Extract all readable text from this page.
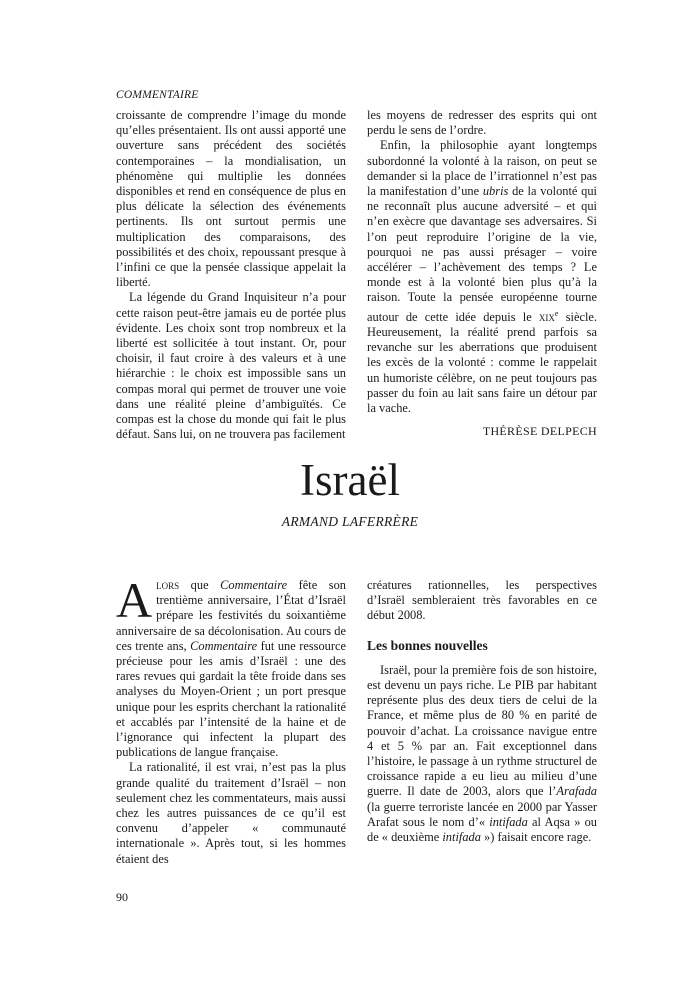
COMMENTAIRE

croissante de comprendre l’image du monde qu’elles présentaient. Ils ont aussi apporté une ouverture sans précédent des sociétés contemporaines – la mondialisation, un phénomène qui multiplie les données disponibles et rend en conséquence de plus en plus délicate la sélection des événements pertinents. Ils ont surtout permis une multiplication des comparaisons, des possibilités et des choix, repoussant presque à l’infini ce que la pensée classique appelait la liberté.

La légende du Grand Inquisiteur n’a pour cette raison peut-être jamais eu de portée plus évidente. Les choix sont trop nombreux et la liberté est sollicitée à tout instant. Or, pour choisir, il faut croire à des valeurs et à une hiérarchie : le choix est impossible sans un compas moral qui permet de trouver une voie dans une réalité pleine d’ambiguïtés. Ce compas est la chose du monde qui fait le plus défaut. Sans lui, on ne trouvera pas facilement

les moyens de redresser des esprits qui ont perdu le sens de l’ordre.

Enfin, la philosophie ayant longtemps subordonné la volonté à la raison, on peut se demander si la place de l’irrationnel n’est pas la manifestation d’une ubris de la volonté qui ne reconnaît plus aucune adversité – et qui n’en exècre que davantage ses adversaires. Si l’on peut reproduire l’origine de la vie, pourquoi ne pas aussi présager – voire accélérer – l’achèvement des temps ? Le monde est à la volonté bien plus qu’à la raison. Toute la pensée européenne tourne autour de cette idée depuis le xix$^e$ siècle. Heureusement, la réalité prend parfois sa revanche sur les aberrations que produisent les excès de la volonté : comme le rappelait un humoriste célèbre, on ne peut toujours pas passer du foin au lait sans faire un détour par la vache.

THÉRÈSE DELPECH
Israël
ARMAND LAFERRÈRE

Alors que Commentaire fête son trentième anniversaire, l’État d’Israël prépare les festivités du soixantième anniversaire de sa décolonisation. Au cours de ces trente ans, Commentaire fut une ressource précieuse pour les amis d’Israël : une des rares revues qui gardait la tête froide dans ses analyses du Moyen-Orient ; un port presque unique pour les esprits cherchant la rationalité et accablés par l’intensité de la haine et de l’ignorance qui infectent la plupart des publications de langue française.

La rationalité, il est vrai, n’est pas la plus grande qualité du traitement d’Israël – non seulement chez les commentateurs, mais aussi chez les autres puissances de ce qu’il est convenu d’appeler « communauté internationale ». Après tout, si les hommes étaient des

créatures rationnelles, les perspectives d’Israël sembleraient très favorables en ce début 2008.

Les bonnes nouvelles

Israël, pour la première fois de son histoire, est devenu un pays riche. Le PIB par habitant représente plus des deux tiers de celui de la France, et même plus de 80 % en parité de pouvoir d’achat. La croissance navigue entre 4 et 5 % par an. Fait exceptionnel dans l’histoire, le passage à un rythme structurel de croissance rapide a eu lieu au milieu d’une guerre. Il date de 2003, alors que l’Arafada (la guerre terroriste lancée en 2000 par Yasser Arafat sous le nom d’« intifada al Aqsa » ou de « deuxième intifada ») faisait encore rage.

90
